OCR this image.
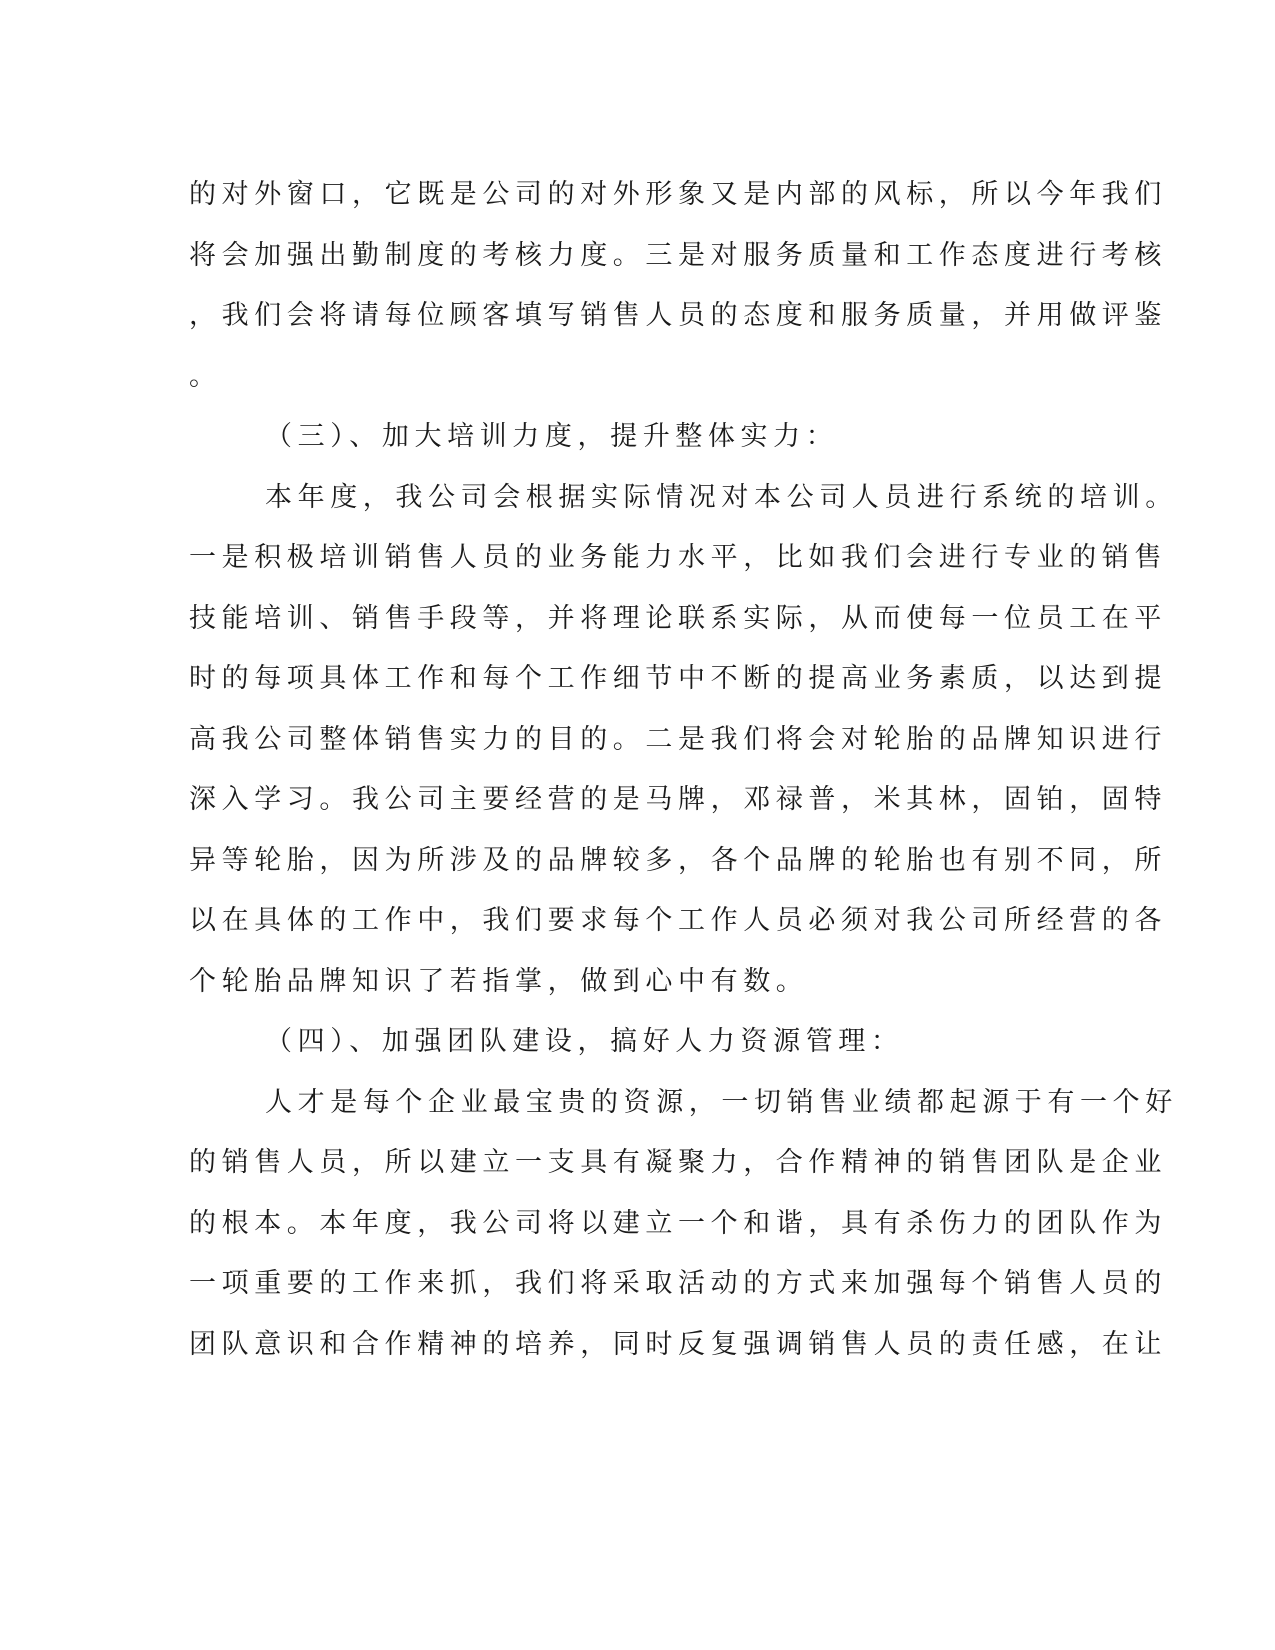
的对外窗口，它既是公司的对外形象又是内部的风标，所以今年我们
将会加强出勤制度的考核力度。三是对服务质量和工作态度进行考核
，我们会将请每位顾客填写销售人员的态度和服务质量，并用做评鉴
。
（三）、加大培训力度，提升整体实力：
本年度，我公司会根据实际情况对本公司人员进行系统的培训。
一是积极培训销售人员的业务能力水平，比如我们会进行专业的销售
技能培训、销售手段等，并将理论联系实际，从而使每一位员工在平
时的每项具体工作和每个工作细节中不断的提高业务素质，以达到提
高我公司整体销售实力的目的。二是我们将会对轮胎的品牌知识进行
深入学习。我公司主要经营的是马牌，邓禄普，米其林，固铂，固特
异等轮胎，因为所涉及的品牌较多，各个品牌的轮胎也有别不同，所
以在具体的工作中，我们要求每个工作人员必须对我公司所经营的各
个轮胎品牌知识了若指掌，做到心中有数。
（四）、加强团队建设，搞好人力资源管理：
人才是每个企业最宝贵的资源，一切销售业绩都起源于有一个好
的销售人员，所以建立一支具有凝聚力，合作精神的销售团队是企业
的根本。本年度，我公司将以建立一个和谐，具有杀伤力的团队作为
一项重要的工作来抓，我们将采取活动的方式来加强每个销售人员的
团队意识和合作精神的培养，同时反复强调销售人员的责任感，在让
